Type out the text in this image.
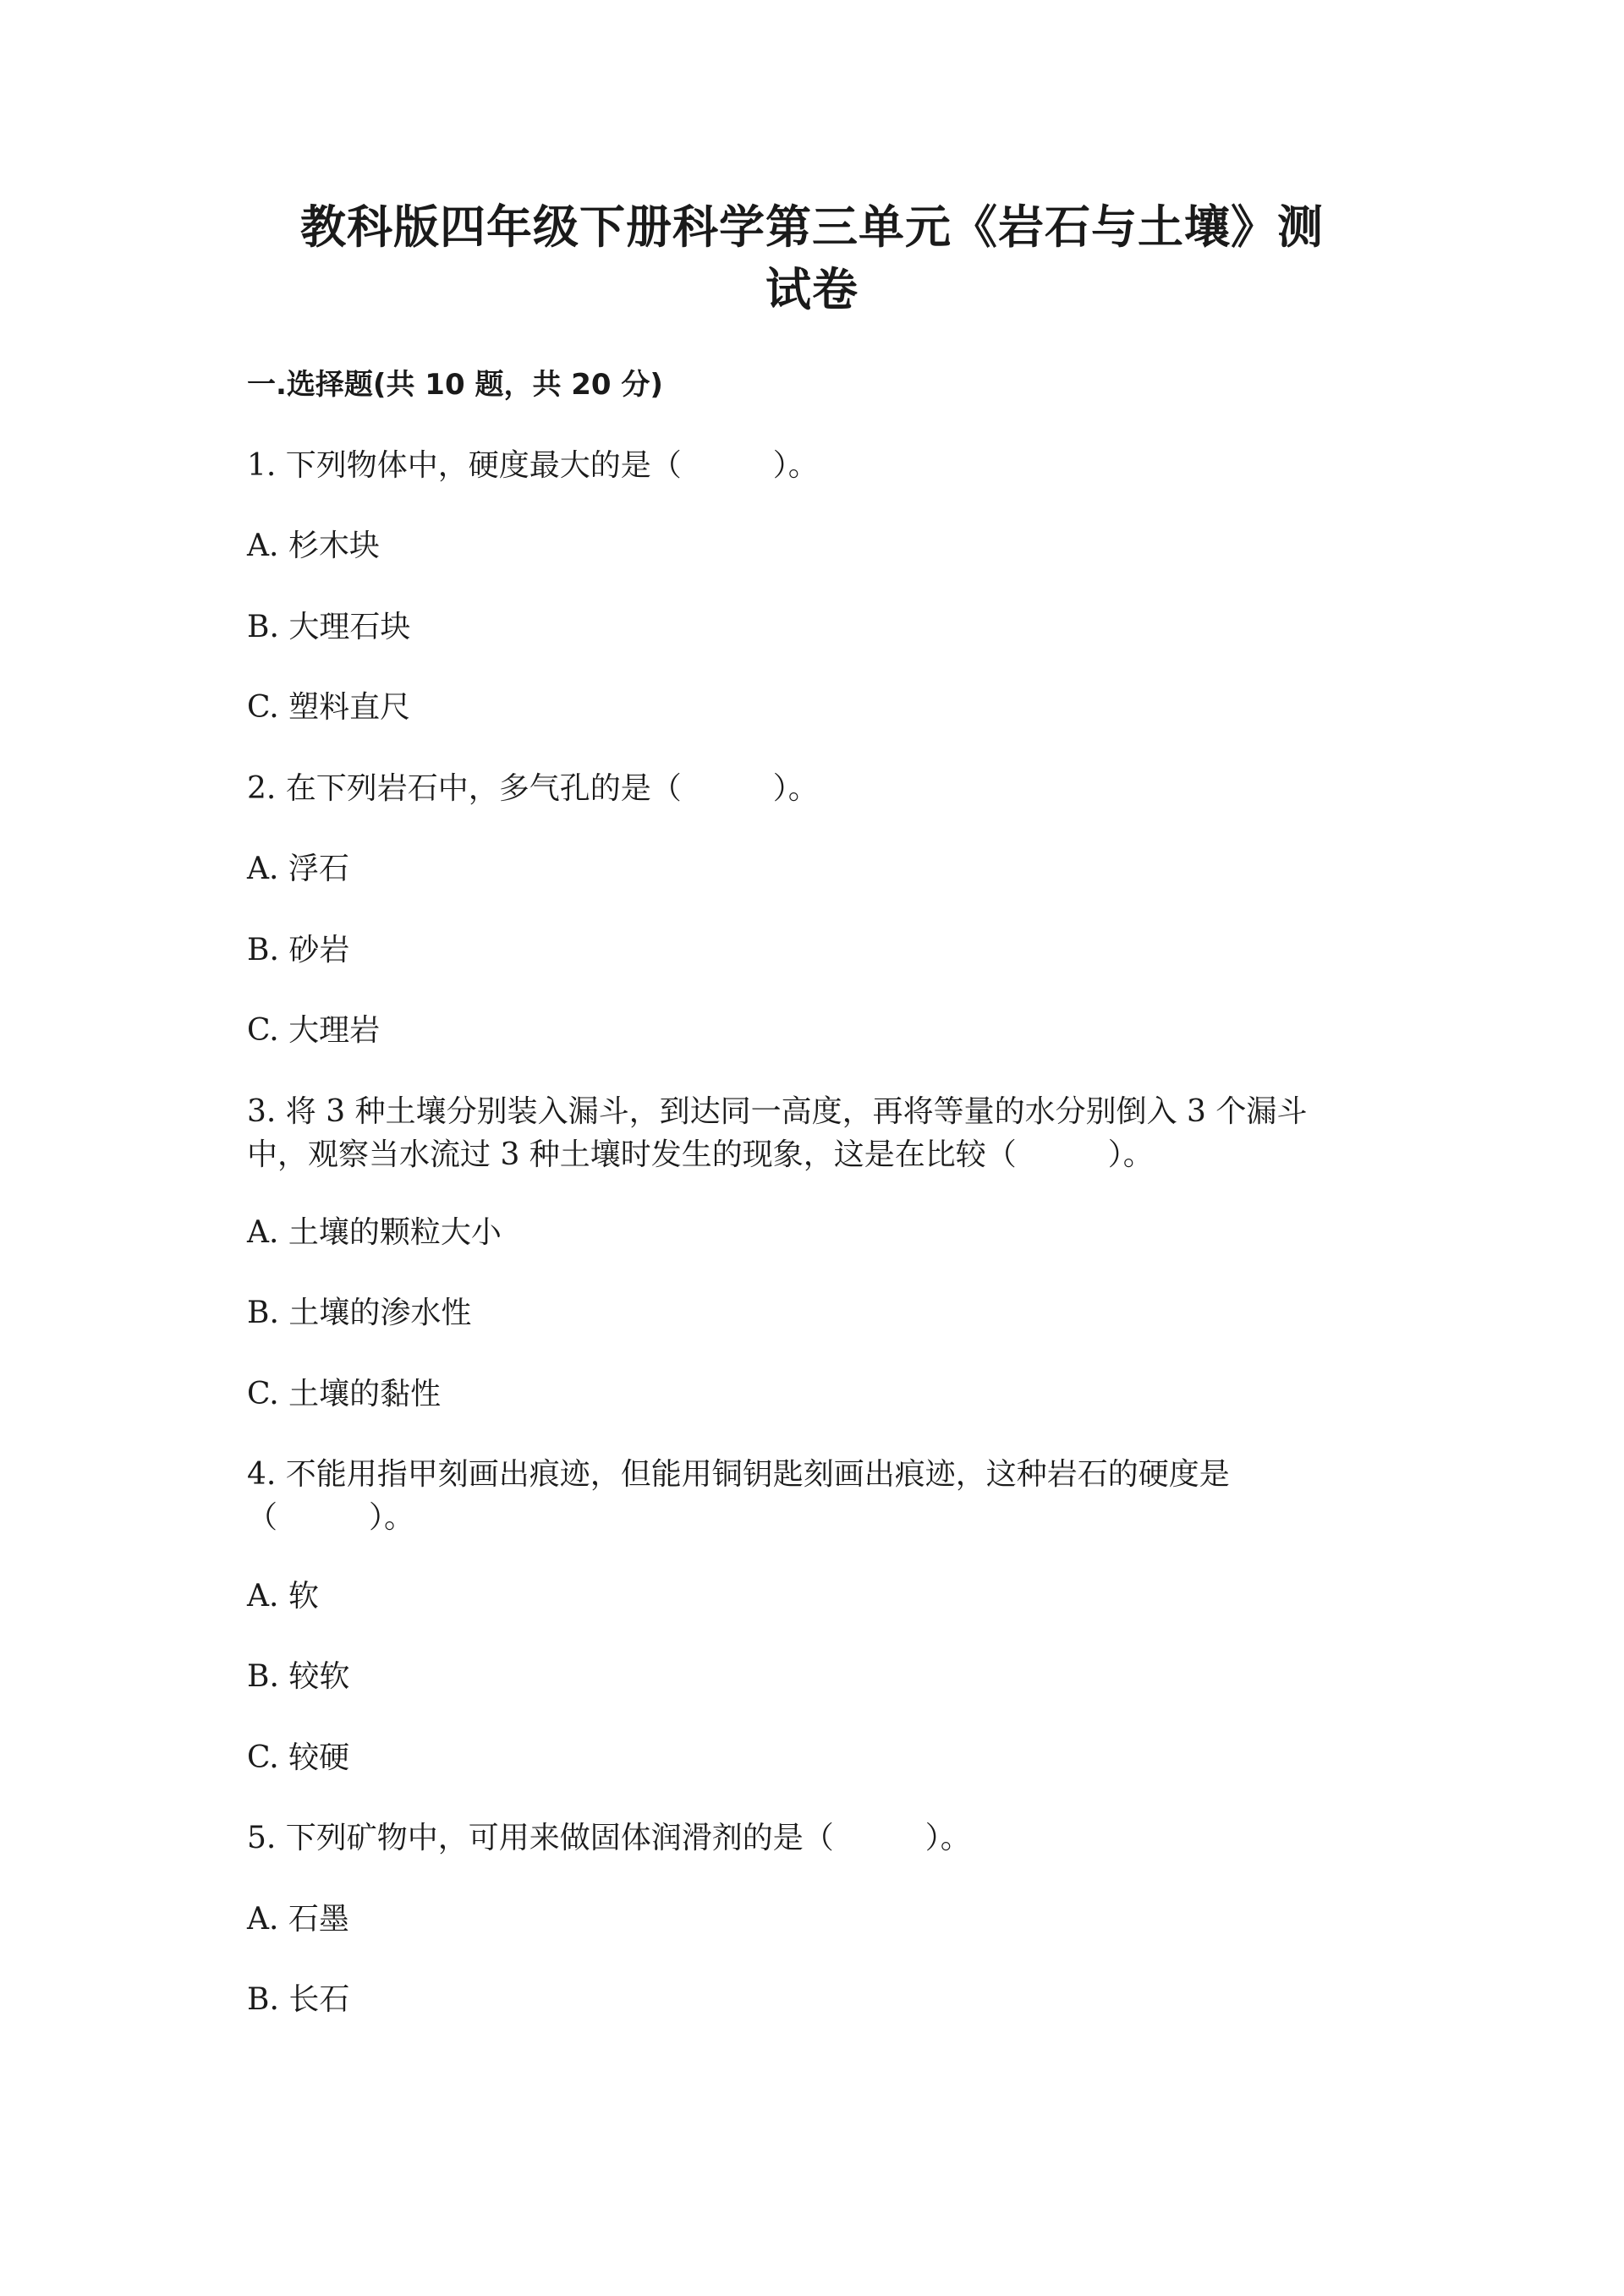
教科版四年级下册科学第三单元《岩石与土壤》测
试卷
一.选择题(共 10 题，共 20 分)
1. 下列物体中，硬度最大的是（　　　）。
A. 杉木块
B. 大理石块
C. 塑料直尺
2. 在下列岩石中，多气孔的是（　　　）。
A. 浮石
B. 砂岩
C. 大理岩
3. 将 3 种土壤分别装入漏斗，到达同一高度，再将等量的水分别倒入 3 个漏斗
中，观察当水流过 3 种土壤时发生的现象，这是在比较（　　　）。
A. 土壤的颗粒大小
B. 土壤的渗水性
C. 土壤的黏性
4. 不能用指甲刻画出痕迹，但能用铜钥匙刻画出痕迹，这种岩石的硬度是
（　　　）。
A. 软
B. 较软
C. 较硬
5. 下列矿物中，可用来做固体润滑剂的是（　　　）。
A. 石墨
B. 长石
